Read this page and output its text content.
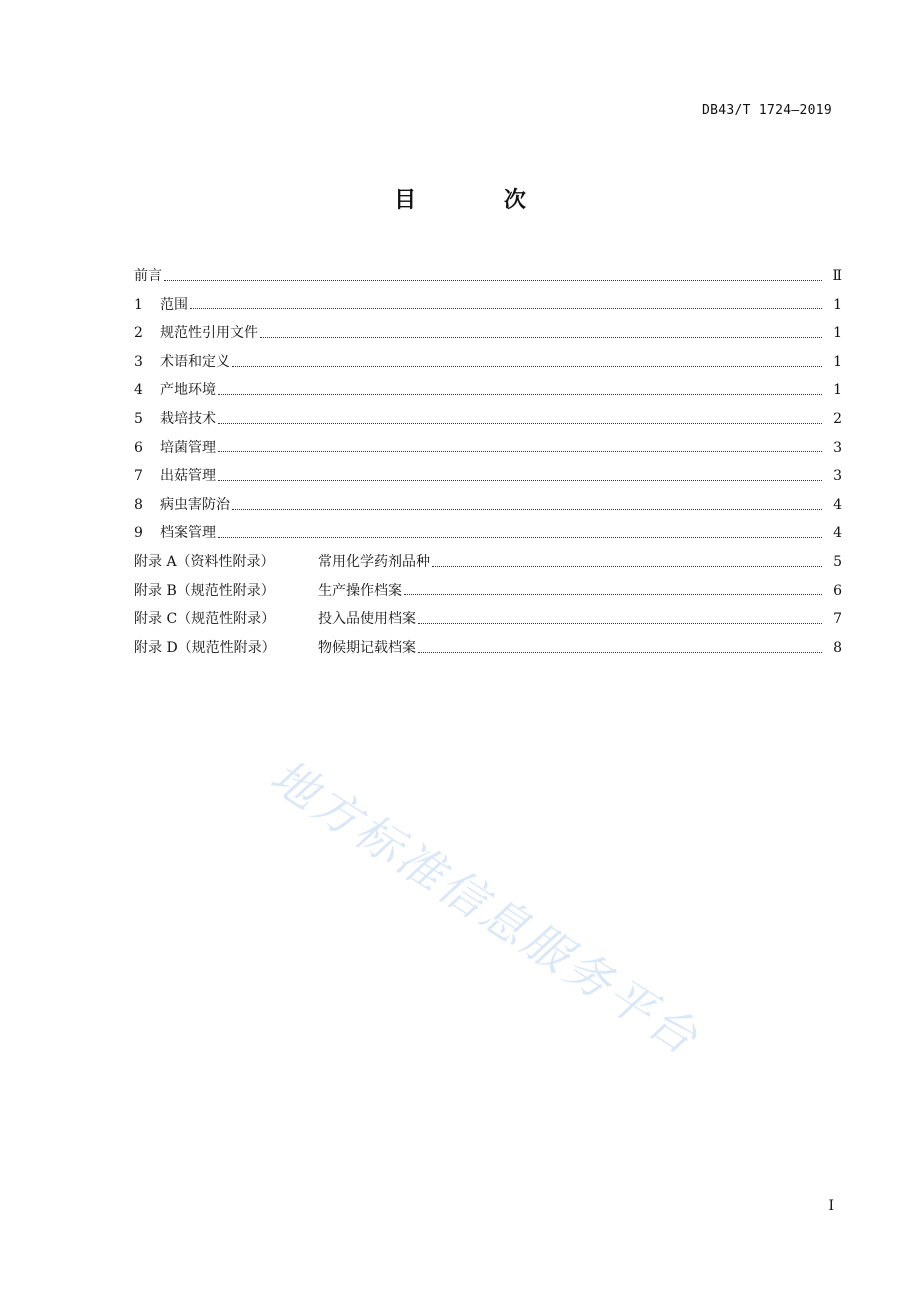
DB43/T 1724—2019
目 次
前言	Ⅱ
1	范围	1
2	规范性引用文件	1
3	术语和定义	1
4	产地环境	1
5	栽培技术	2
6	培菌管理	3
7	出菇管理	3
8	病虫害防治	4
9	档案管理	4
附录 A（资料性附录）	常用化学药剂品种	5
附录 B（规范性附录）	生产操作档案	6
附录 C（规范性附录）	投入品使用档案	7
附录 D（规范性附录）	物候期记载档案	8
地方标准信息服务平台
I
